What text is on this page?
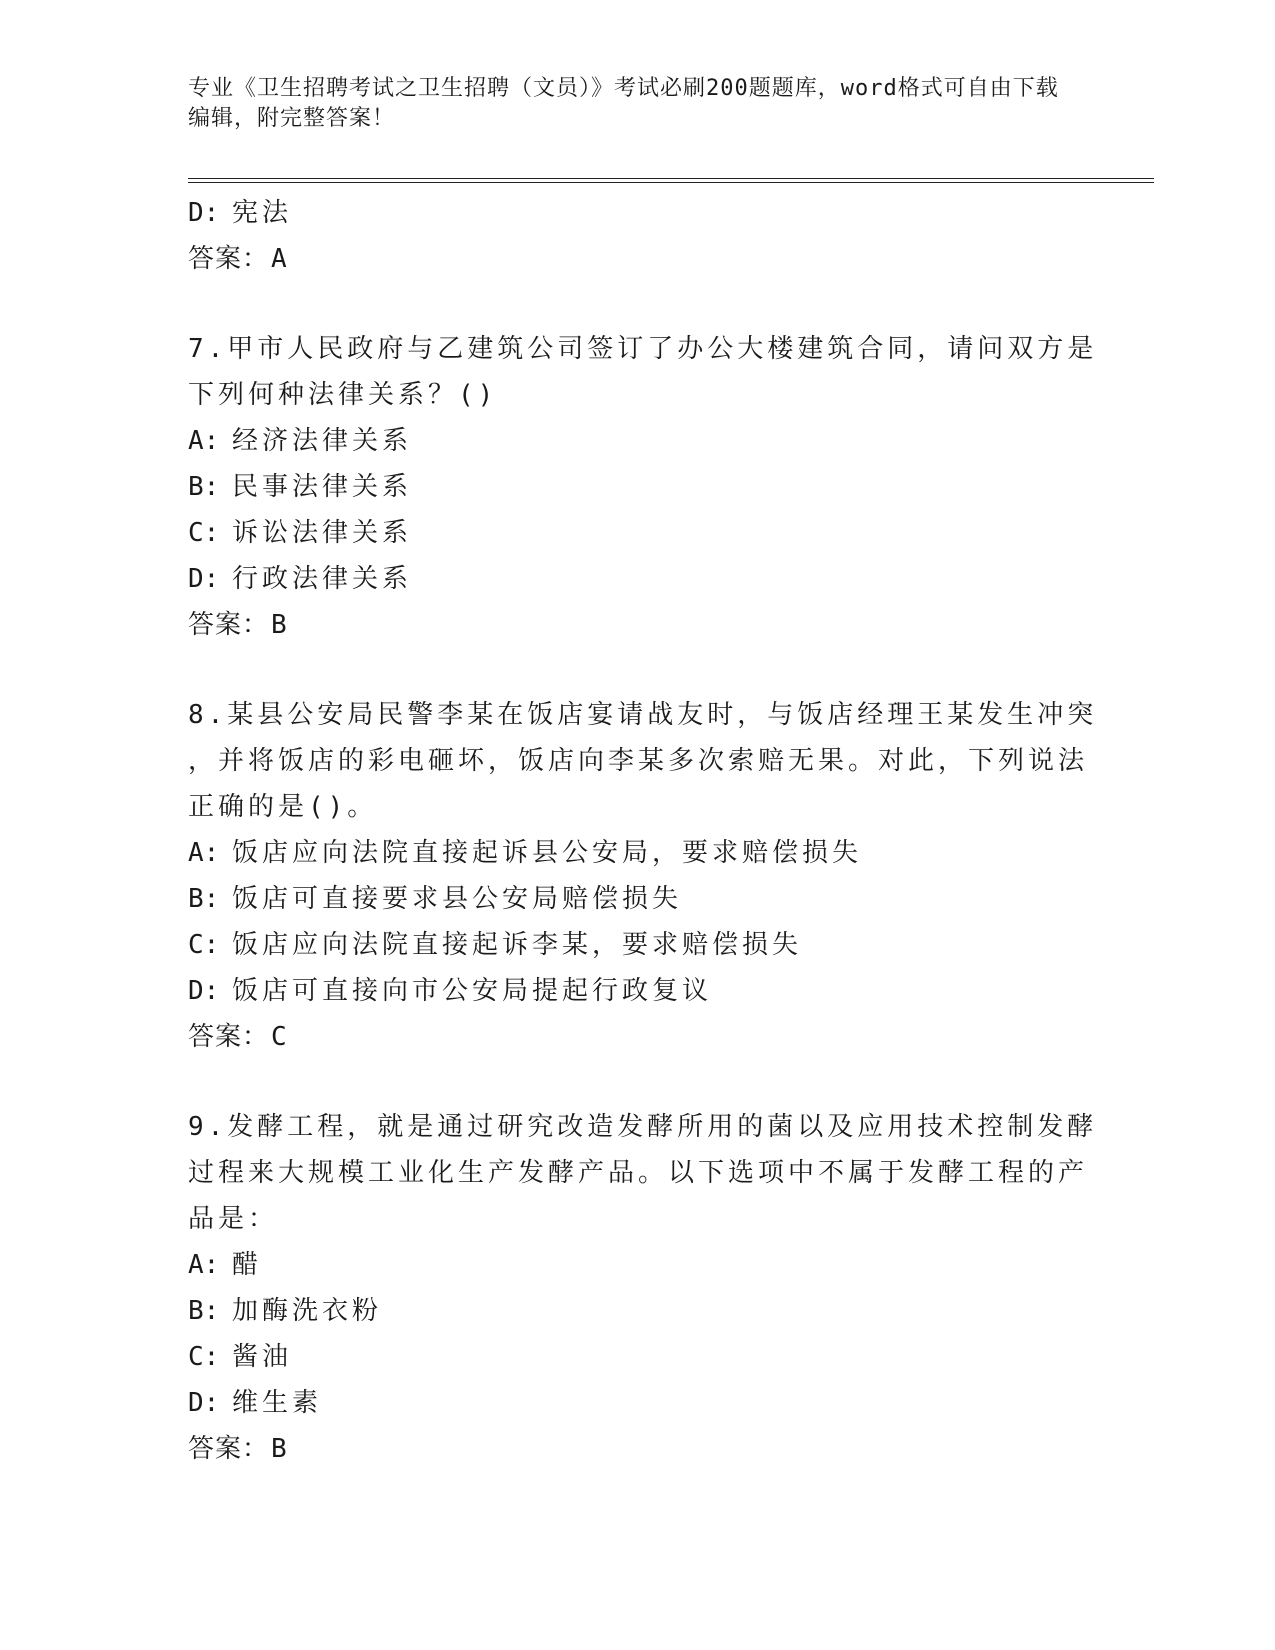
专业《卫生招聘考试之卫生招聘（文员）》考试必刷200题题库，word格式可自由下载编辑，附完整答案！
D: 宪法
答案：A
7.甲市人民政府与乙建筑公司签订了办公大楼建筑合同，请问双方是
下列何种法律关系？()
A: 经济法律关系
B: 民事法律关系
C: 诉讼法律关系
D: 行政法律关系
答案：B
8.某县公安局民警李某在饭店宴请战友时，与饭店经理王某发生冲突
，并将饭店的彩电砸坏，饭店向李某多次索赔无果。对此，下列说法
正确的是()。
A: 饭店应向法院直接起诉县公安局，要求赔偿损失
B: 饭店可直接要求县公安局赔偿损失
C: 饭店应向法院直接起诉李某，要求赔偿损失
D: 饭店可直接向市公安局提起行政复议
答案：C
9.发酵工程，就是通过研究改造发酵所用的菌以及应用技术控制发酵
过程来大规模工业化生产发酵产品。以下选项中不属于发酵工程的产
品是：
A: 醋
B: 加酶洗衣粉
C: 酱油
D: 维生素
答案：B
